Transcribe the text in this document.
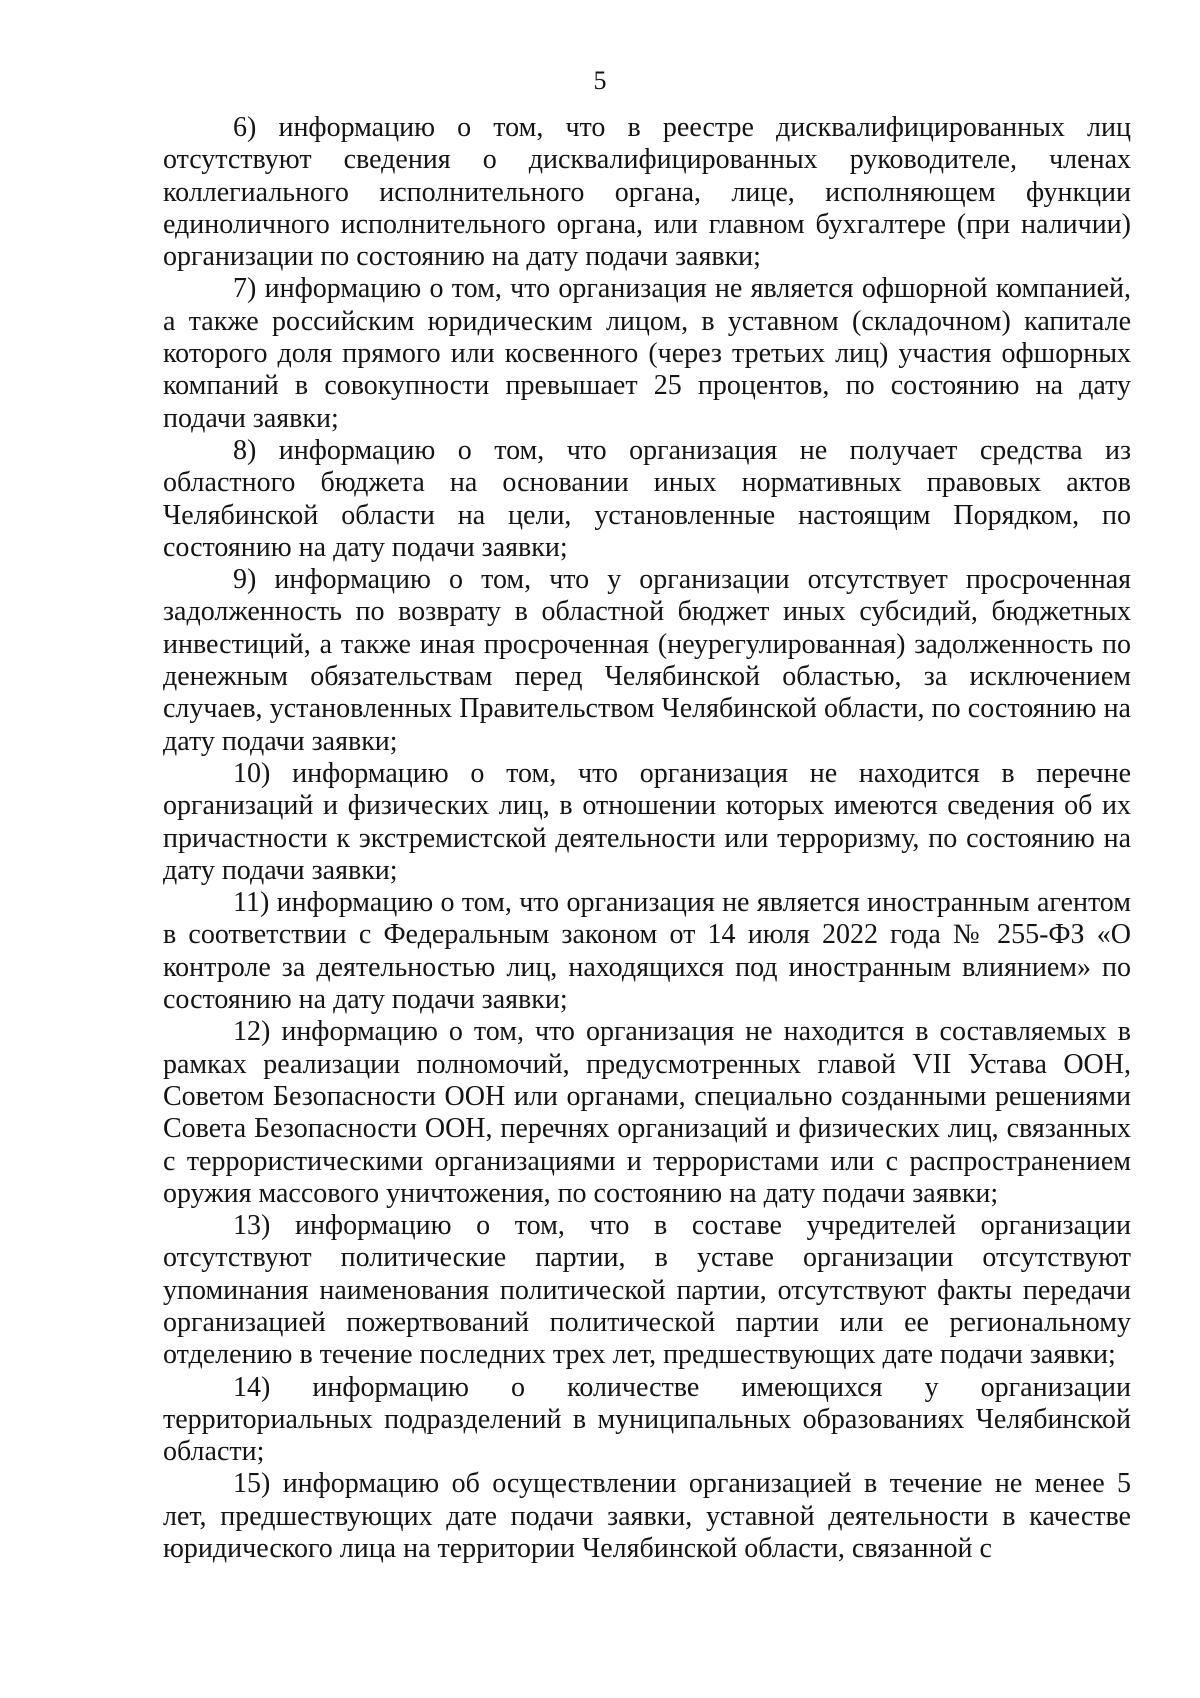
5

6) информацию о том, что в реестре дисквалифицированных лиц отсутствуют сведения о дисквалифицированных руководителе, членах коллегиального исполнительного органа, лице, исполняющем функции единоличного исполнительного органа, или главном бухгалтере (при наличии) организации по состоянию на дату подачи заявки;

7) информацию о том, что организация не является офшорной компанией, а также российским юридическим лицом, в уставном (складочном) капитале которого доля прямого или косвенного (через третьих лиц) участия офшорных компаний в совокупности превышает 25 процентов, по состоянию на дату подачи заявки;

8) информацию о том, что организация не получает средства из областного бюджета на основании иных нормативных правовых актов Челябинской области на цели, установленные настоящим Порядком, по состоянию на дату подачи заявки;

9) информацию о том, что у организации отсутствует просроченная задолженность по возврату в областной бюджет иных субсидий, бюджетных инвестиций, а также иная просроченная (неурегулированная) задолженность по денежным обязательствам перед Челябинской областью, за исключением случаев, установленных Правительством Челябинской области, по состоянию на дату подачи заявки;

10) информацию о том, что организация не находится в перечне организаций и физических лиц, в отношении которых имеются сведения об их причастности к экстремистской деятельности или терроризму, по состоянию на дату подачи заявки;

11) информацию о том, что организация не является иностранным агентом в соответствии с Федеральным законом от 14 июля 2022 года № 255-ФЗ «О контроле за деятельностью лиц, находящихся под иностранным влиянием» по состоянию на дату подачи заявки;

12) информацию о том, что организация не находится в составляемых в рамках реализации полномочий, предусмотренных главой VII Устава ООН, Советом Безопасности ООН или органами, специально созданными решениями Совета Безопасности ООН, перечнях организаций и физических лиц, связанных с террористическими организациями и террористами или с распространением оружия массового уничтожения, по состоянию на дату подачи заявки;

13) информацию о том, что в составе учредителей организации отсутствуют политические партии, в уставе организации отсутствуют упоминания наименования политической партии, отсутствуют факты передачи организацией пожертвований политической партии или ее региональному отделению в течение последних трех лет, предшествующих дате подачи заявки;

14) информацию о количестве имеющихся у организации территориальных подразделений в муниципальных образованиях Челябинской области;

15) информацию об осуществлении организацией в течение не менее 5 лет, предшествующих дате подачи заявки, уставной деятельности в качестве юридического лица на территории Челябинской области, связанной с
